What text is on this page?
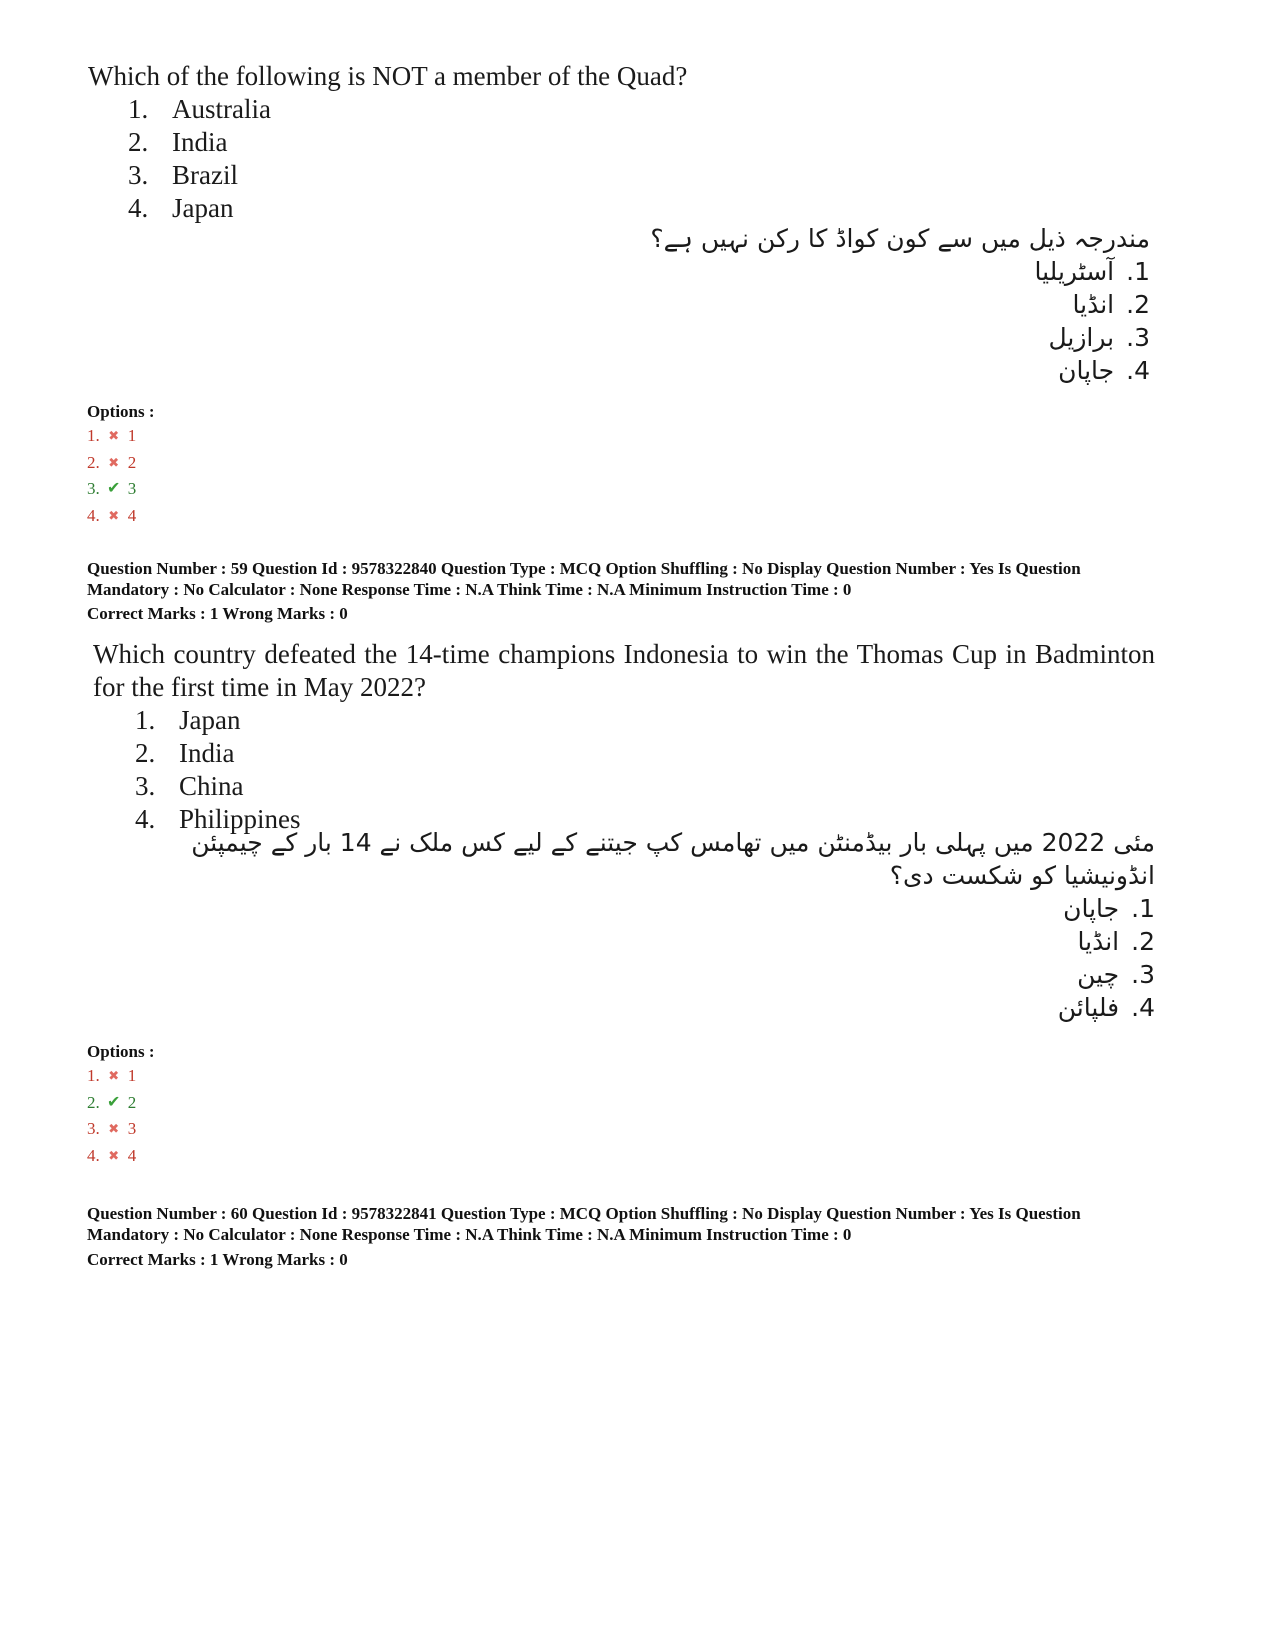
Which of the following is NOT a member of the Quad?

1. Australia
2. India
3. Brazil
4. Japan

مندرجہ ذیل میں سے کون کواڈ کا رکن نہیں ہے؟

.1آسٹریلیا
.2انڈیا
.3برازیل
.4جاپان
Options :
1. ✖ 1
2. ✖ 2
3. ✔ 3
4. ✖ 4
Question Number : 59 Question Id : 9578322840 Question Type : MCQ Option Shuffling : No Display Question Number : Yes Is Question Mandatory : No Calculator : None Response Time : N.A Think Time : N.A Minimum Instruction Time : 0
Correct Marks : 1 Wrong Marks : 0

Which country defeated the 14-time champions Indonesia to win the Thomas Cup in Badminton for the first time in May 2022?

1. Japan
2. India
3. China
4. Philippines

مئی 2022 میں پہلی بار بیڈمنٹن میں تھامس کپ جیتنے کے لیے کس ملک نے 14 بار کے چیمپئن انڈونیشیا کو شکست دی؟

.1جاپان
.2انڈیا
.3چین
.4فلپائن
Options :
1. ✖ 1
2. ✔ 2
3. ✖ 3
4. ✖ 4
Question Number : 60 Question Id : 9578322841 Question Type : MCQ Option Shuffling : No Display Question Number : Yes Is Question Mandatory : No Calculator : None Response Time : N.A Think Time : N.A Minimum Instruction Time : 0
Correct Marks : 1 Wrong Marks : 0
